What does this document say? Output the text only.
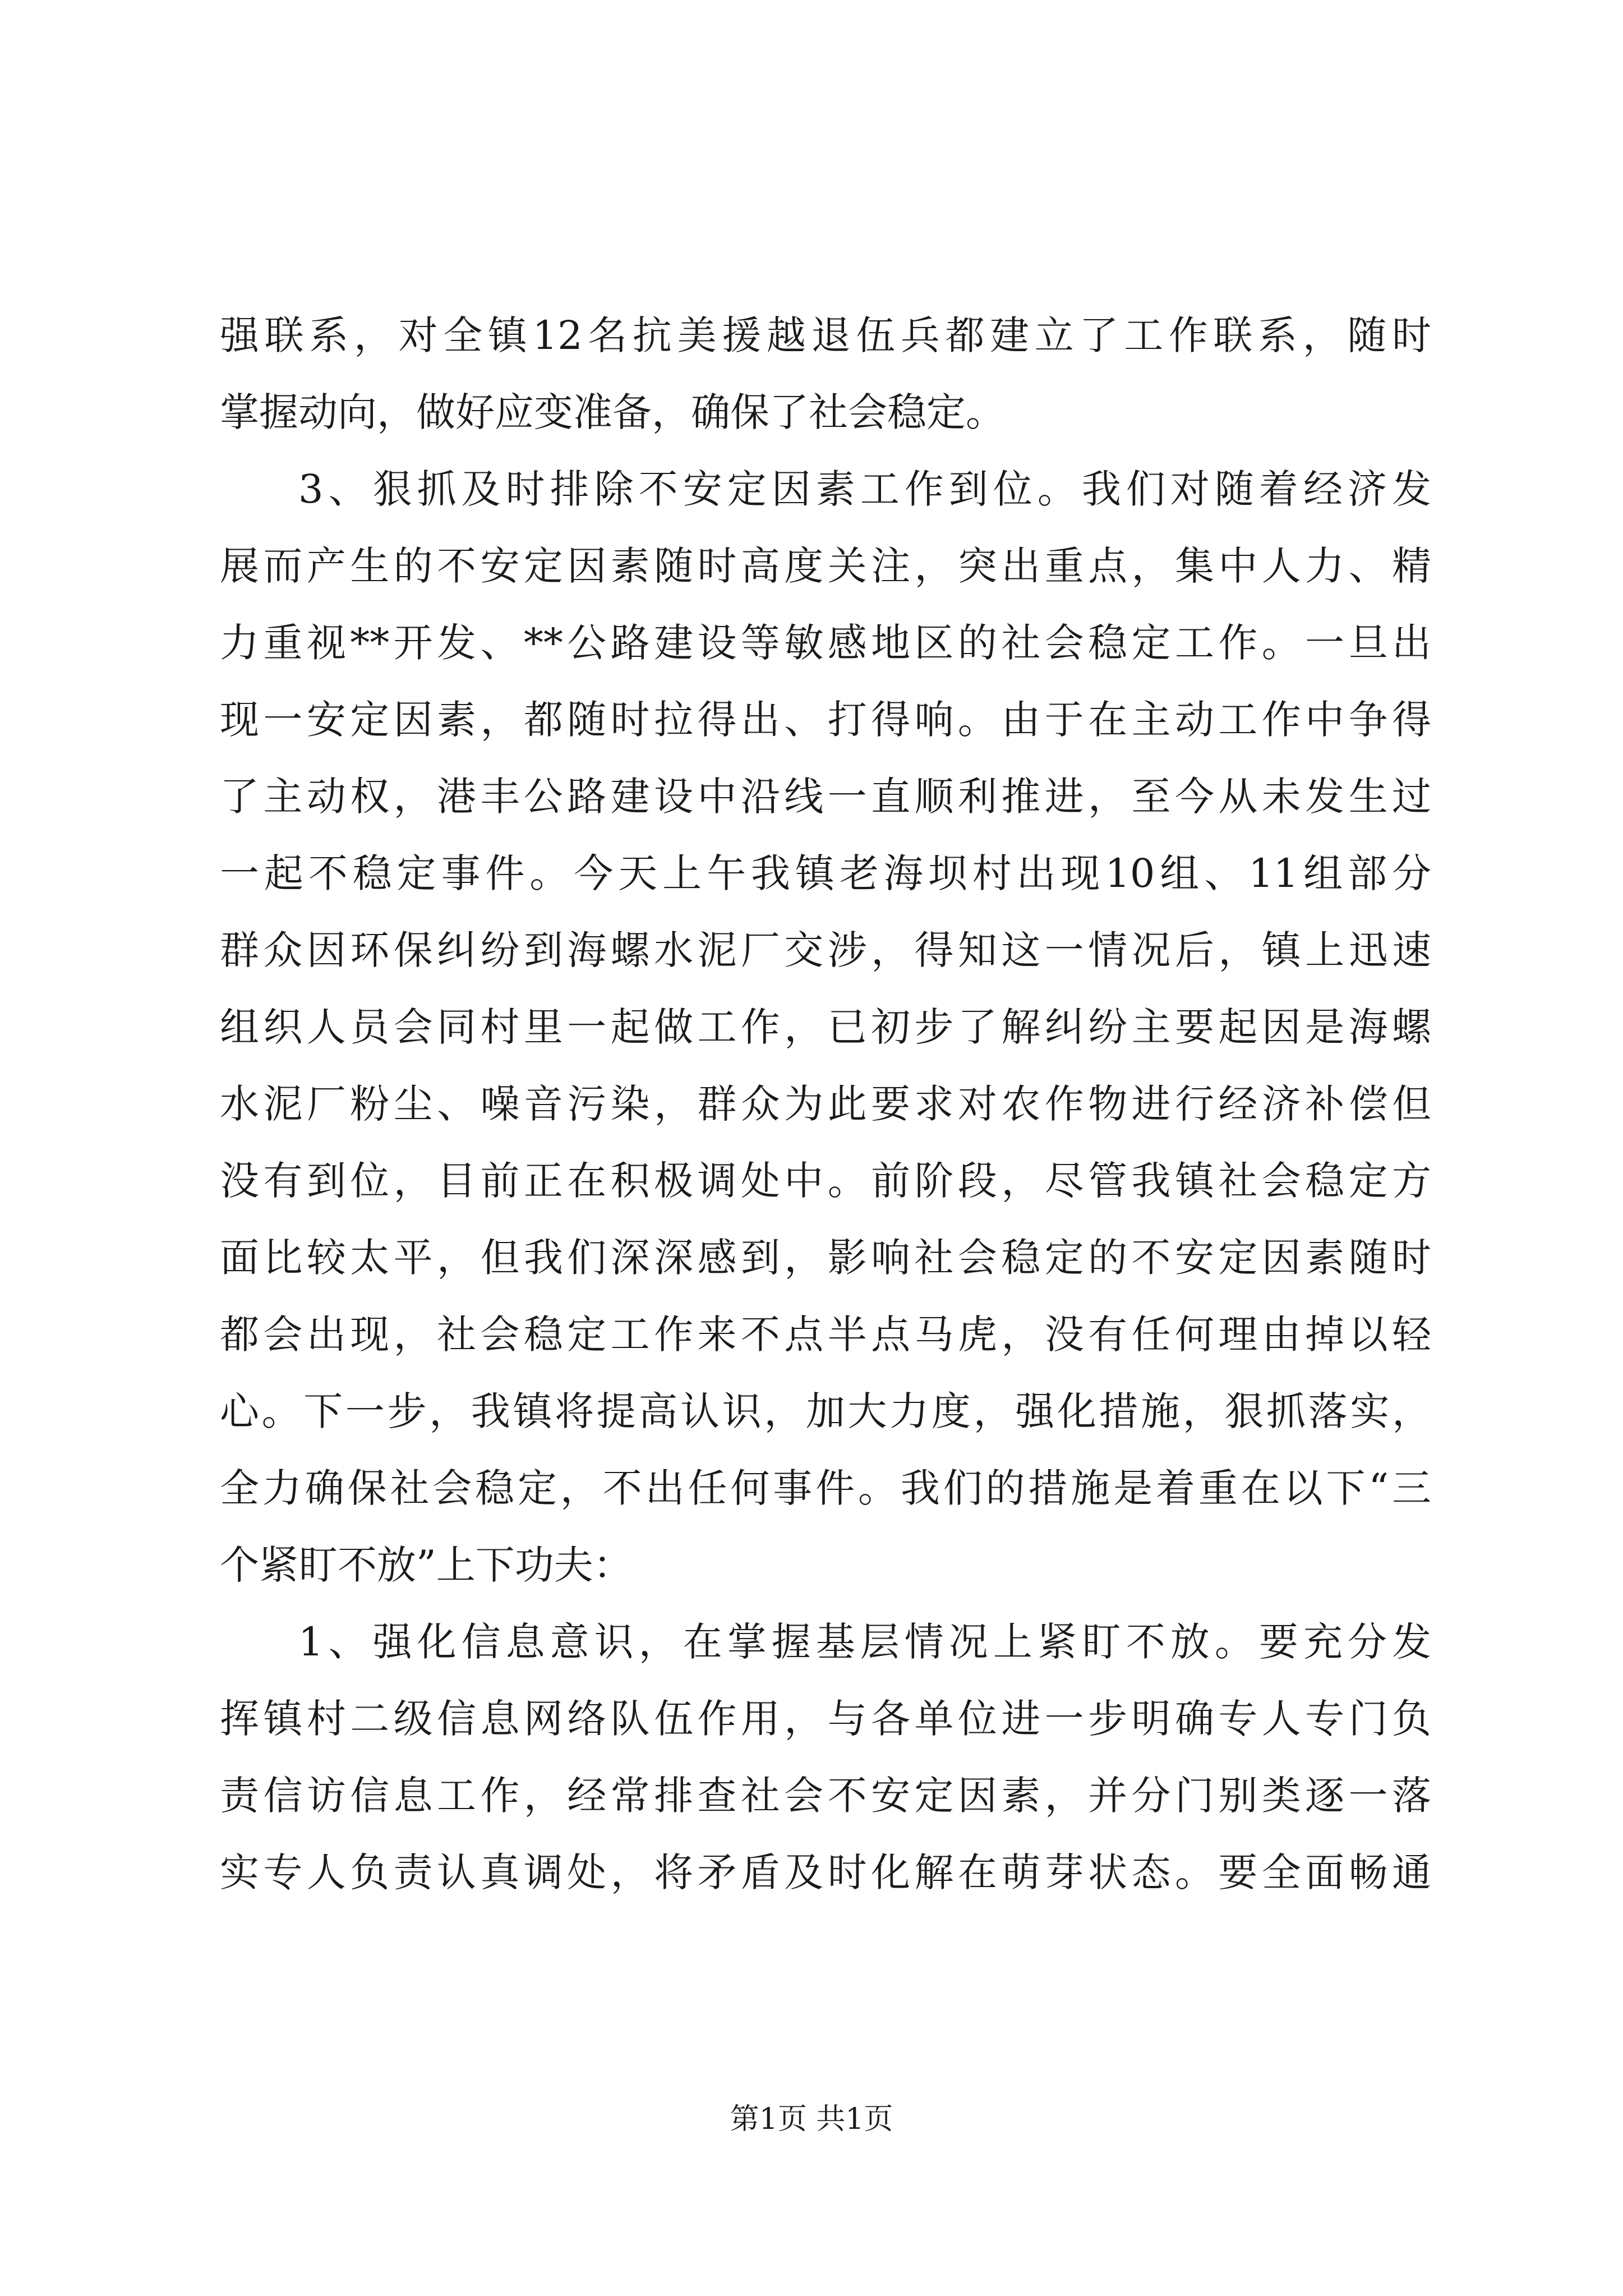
强联系，对全镇12名抗美援越退伍兵都建立了工作联系，随时
掌握动向，做好应变准备，确保了社会稳定。
3、狠抓及时排除不安定因素工作到位。我们对随着经济发
展而产生的不安定因素随时高度关注，突出重点，集中人力、精
力重视**开发、**公路建设等敏感地区的社会稳定工作。一旦出
现一安定因素，都随时拉得出、打得响。由于在主动工作中争得
了主动权，港丰公路建设中沿线一直顺利推进，至今从未发生过
一起不稳定事件。今天上午我镇老海坝村出现10组、11组部分
群众因环保纠纷到海螺水泥厂交涉，得知这一情况后，镇上迅速
组织人员会同村里一起做工作，已初步了解纠纷主要起因是海螺
水泥厂粉尘、噪音污染，群众为此要求对农作物进行经济补偿但
没有到位，目前正在积极调处中。前阶段，尽管我镇社会稳定方
面比较太平，但我们深深感到，影响社会稳定的不安定因素随时
都会出现，社会稳定工作来不点半点马虎，没有任何理由掉以轻
心。下一步，我镇将提高认识，加大力度，强化措施，狠抓落实，
全力确保社会稳定，不出任何事件。我们的措施是着重在以下“三
个紧盯不放”上下功夫：
1、强化信息意识，在掌握基层情况上紧盯不放。要充分发
挥镇村二级信息网络队伍作用，与各单位进一步明确专人专门负
责信访信息工作，经常排查社会不安定因素，并分门别类逐一落
实专人负责认真调处，将矛盾及时化解在萌芽状态。要全面畅通
第1页 共1页
